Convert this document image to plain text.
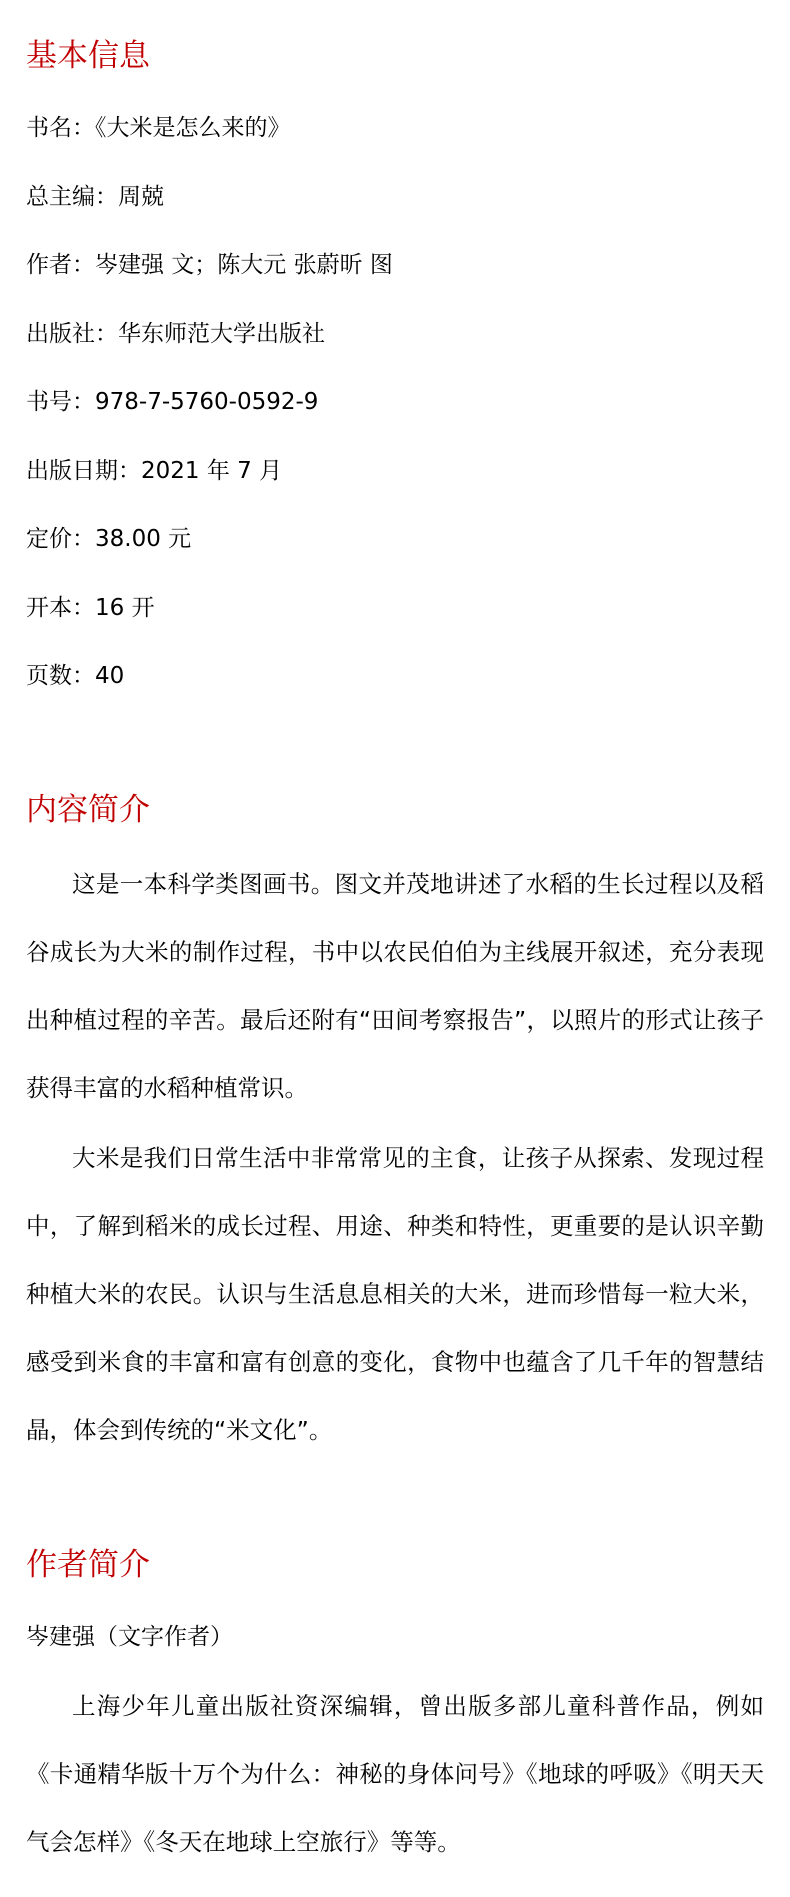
基本信息

书名：《大米是怎么来的》

总主编：周兢

作者：岑建强 文；陈大元 张蔚昕 图

出版社：华东师范大学出版社

书号：978-7-5760-0592-9

出版日期：2021 年 7 月

定价：38.00 元

开本：16 开

页数：40

内容简介

这是一本科学类图画书。图文并茂地讲述了水稻的生长过程以及稻谷成长为大米的制作过程，书中以农民伯伯为主线展开叙述，充分表现出种植过程的辛苦。最后还附有“田间考察报告”，以照片的形式让孩子获得丰富的水稻种植常识。

大米是我们日常生活中非常常见的主食，让孩子从探索、发现过程中，了解到稻米的成长过程、用途、种类和特性，更重要的是认识辛勤种植大米的农民。认识与生活息息相关的大米，进而珍惜每一粒大米，感受到米食的丰富和富有创意的变化，食物中也蕴含了几千年的智慧结晶，体会到传统的“米文化”。

作者简介

岑建强（文字作者）

上海少年儿童出版社资深编辑，曾出版多部儿童科普作品，例如《卡通精华版十万个为什么：神秘的身体问号》《地球的呼吸》《明天天气会怎样》《冬天在地球上空旅行》等等。
